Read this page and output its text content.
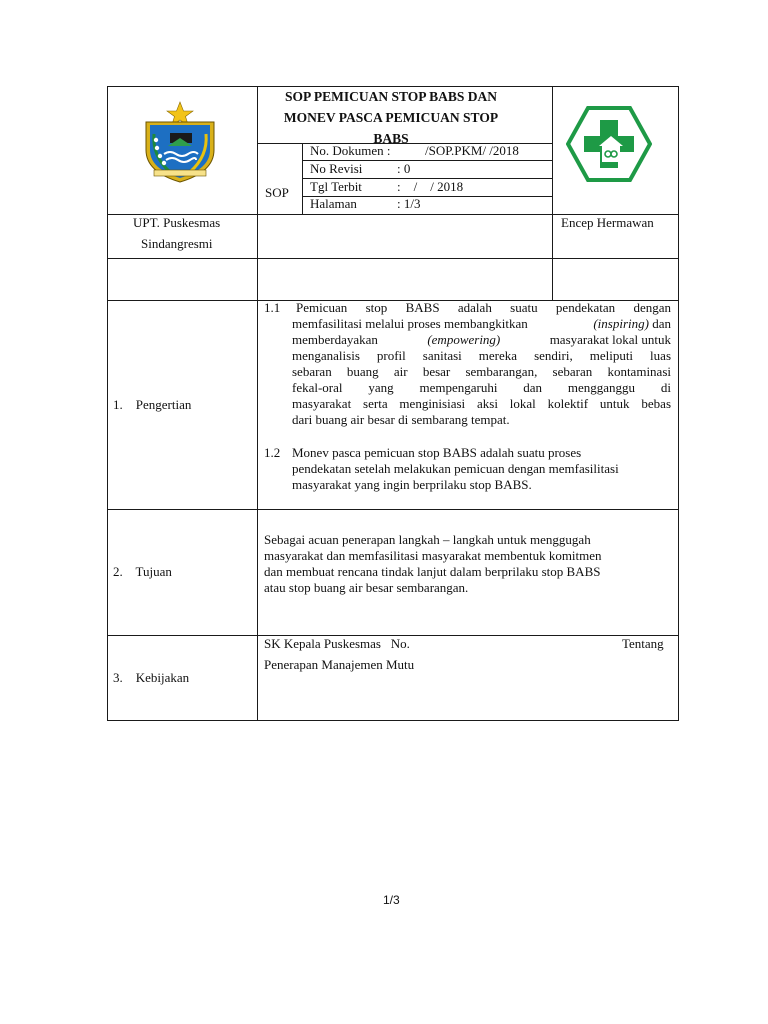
SOP PEMICUAN STOP BABS DAN
MONEV PASCA PEMICUAN STOP
BABS
SOP
No. Dokumen :	/SOP.PKM/ /2018
No Revisi	: 0
Tgl Terbit	:    /    / 2018
Halaman	: 1/3
UPT. Puskesmas
Sindangresmi
Encep Hermawan
1.    Pengertian
1.1 Pemicuan stop BABS adalah suatu pendekatan dengan
memfasilitasi melalui proses membangkitkan	(inspiring) dan
memberdayakan	(empowering)	masyarakat lokal untuk
menganalisis profil sanitasi mereka sendiri, meliputi luas
sebaran buang air besar sembarangan, sebaran kontaminasi
fekal-oral yang mempengaruhi dan mengganggu di
masyarakat serta menginisiasi aksi lokal kolektif untuk bebas
dari buang air besar di sembarang tempat.
1.2 Monev pasca pemicuan stop BABS adalah suatu proses
pendekatan setelah melakukan pemicuan dengan memfasilitasi
masyarakat yang ingin berprilaku stop BABS.
2.    Tujuan
Sebagai acuan penerapan langkah – langkah untuk menggugah
masyarakat dan memfasilitasi masyarakat membentuk komitmen
dan membuat rencana tindak lanjut dalam berprilaku stop BABS
atau stop buang air besar sembarangan.
3.    Kebijakan
SK Kepala Puskesmas   No.	Tentang
Penerapan Manajemen Mutu
1/3
